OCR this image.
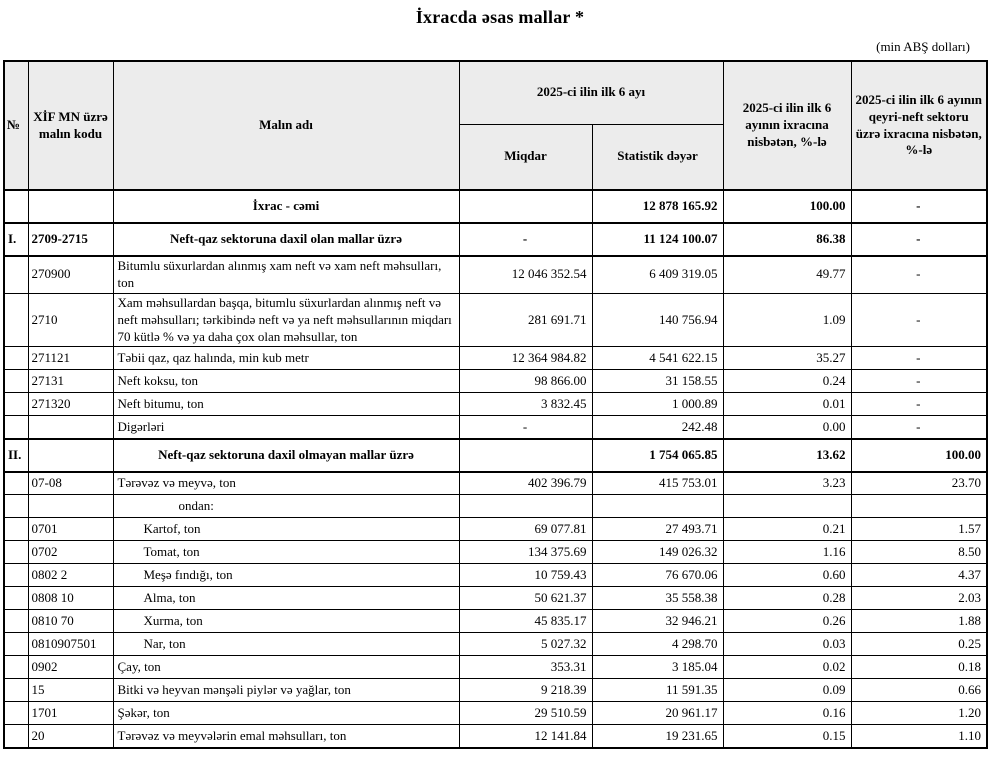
İxracda əsas mallar *
(min ABŞ dolları)
№	XİF MN üzrə malın kodu	Malın adı	2025-ci ilin ilk 6 ayı		2025-ci ilin ilk 6 ayının ixracına nisbətən, %-lə	2025-ci ilin ilk 6 ayının qeyri-neft sektoru üzrə ixracına nisbətən, %-lə
			Miqdar	Statistik dəyər		
		İxrac - cəmi		12 878 165.92	100.00	-
I.	2709-2715	Neft-qaz sektoruna daxil olan mallar üzrə	-	11 124 100.07	86.38	-
	270900	Bitumlu süxurlardan alınmış xam neft və xam neft məhsulları, ton	12 046 352.54	6 409 319.05	49.77	-
	2710	Xam məhsullardan başqa, bitumlu süxurlardan alınmış neft və neft məhsulları; tərkibində neft və ya neft məhsullarının miqdarı 70 kütlə % və ya daha çox olan məhsullar, ton	281 691.71	140 756.94	1.09	-
	271121	Təbii qaz, qaz halında, min kub metr	12 364 984.82	4 541 622.15	35.27	-
	27131	Neft koksu, ton	98 866.00	31 158.55	0.24	-
	271320	Neft bitumu, ton	3 832.45	1 000.89	0.01	-
		Digərləri	-	242.48	0.00	-
II.		Neft-qaz sektoruna daxil olmayan mallar üzrə		1 754 065.85	13.62	100.00
	07-08	Tərəvəz və meyvə, ton	402 396.79	415 753.01	3.23	23.70
		ondan:				
	0701	Kartof, ton	69 077.81	27 493.71	0.21	1.57
	0702	Tomat, ton	134 375.69	149 026.32	1.16	8.50
	0802 2	Meşə fındığı, ton	10 759.43	76 670.06	0.60	4.37
	0808 10	Alma, ton	50 621.37	35 558.38	0.28	2.03
	0810 70	Xurma, ton	45 835.17	32 946.21	0.26	1.88
	0810907501	Nar, ton	5 027.32	4 298.70	0.03	0.25
	0902	Çay, ton	353.31	3 185.04	0.02	0.18
	15	Bitki və heyvan mənşəli piylər və yağlar, ton	9 218.39	11 591.35	0.09	0.66
	1701	Şəkər, ton	29 510.59	20 961.17	0.16	1.20
	20	Tərəvəz və meyvələrin emal məhsulları, ton	12 141.84	19 231.65	0.15	1.10
